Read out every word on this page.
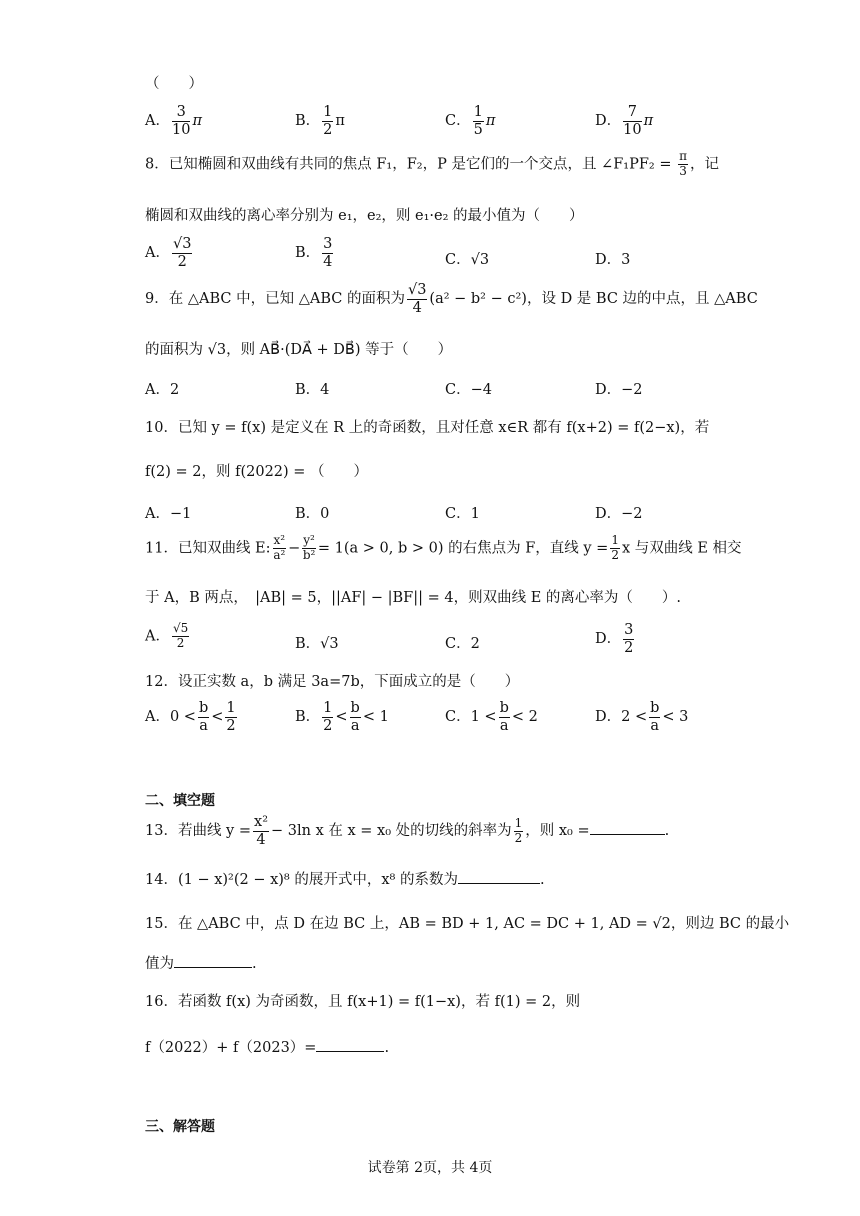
（　　）
A． $\frac{3}{10}$ π	B． $\frac{1}{2}$ π	C． $\frac{1}{5}$ π	D． $\frac{7}{10}$ π
8．已知椭圆和双曲线有共同的焦点 F₁，F₂，P 是它们的一个交点，且 ∠F₁PF₂ = $\frac{\pi}{3}$ ，记
椭圆和双曲线的离心率分别为 e₁，e₂，则 e₁·e₂ 的最小值为（　　）
A． $\frac{√3}{2}$	B． $\frac{3}{4}$	C．√3	D．3
9．在 △ABC 中，已知 △ABC 的面积为 $\frac{√3}{4} (a^2 - b^2 - c^2)$，设 D 是 BC 边的中点，且 △ABC
的面积为 √3，则 AB⃗·(DA⃗ + DB⃗) 等于（　　）
A．2	B．4	C．−4	D．−2
10．已知 y = f(x) 是定义在 R 上的奇函数，且对任意 x∈R 都有 f(x+2) = f(2−x)，若
f(2) = 2，则 f(2022) = （　　）
A．−1	B．0	C．1	D．−2
11．已知双曲线 E: $\frac{\text{x²}}{\text{a²}} - \frac{\text{y²}}{\text{b²}} = 1(a > 0$, b > 0) 的右焦点为 F，直线 $y = \frac{1}{2}$ x 与双曲线 E 相交
于 A，B 两点，　|AB| = 5，||AF| − |BF|| = 4，则双曲线 E 的离心率为（　　）.
A． $\frac{√5}{2}$	B．√3	C．2	D． $\frac{3}{2}$
12．设正实数 a，b 满足 3a=7b，下面成立的是（　　）
A．$0 < \frac{b}{a} < \frac{1}{2}$	B． $\frac{1}{2} < \frac{b}{a} < 1$	C．$1 < \frac{b}{a} < 2$	D．$2 < \frac{b}{a} < 3$
二、填空题
13．若曲线 $y = \frac{\text{x²}}{4} - 3\ln$ x 在 x = x₀ 处的切线的斜率为 $\frac{1}{2}$ ，则 x₀ =	.
14．(1 − x)²(2 − x)⁸ 的展开式中，x⁸ 的系数为	.
15．在 △ABC 中，点 D 在边 BC 上，AB = BD + 1, AC = DC + 1, AD = √2，则边 BC 的最小
值为	.
16．若函数 f(x) 为奇函数，且 f(x+1) = f(1−x)，若 f(1) = 2，则
f（2022）+ f（2023）=	.
三、解答题
试卷第 2页，共 4页
